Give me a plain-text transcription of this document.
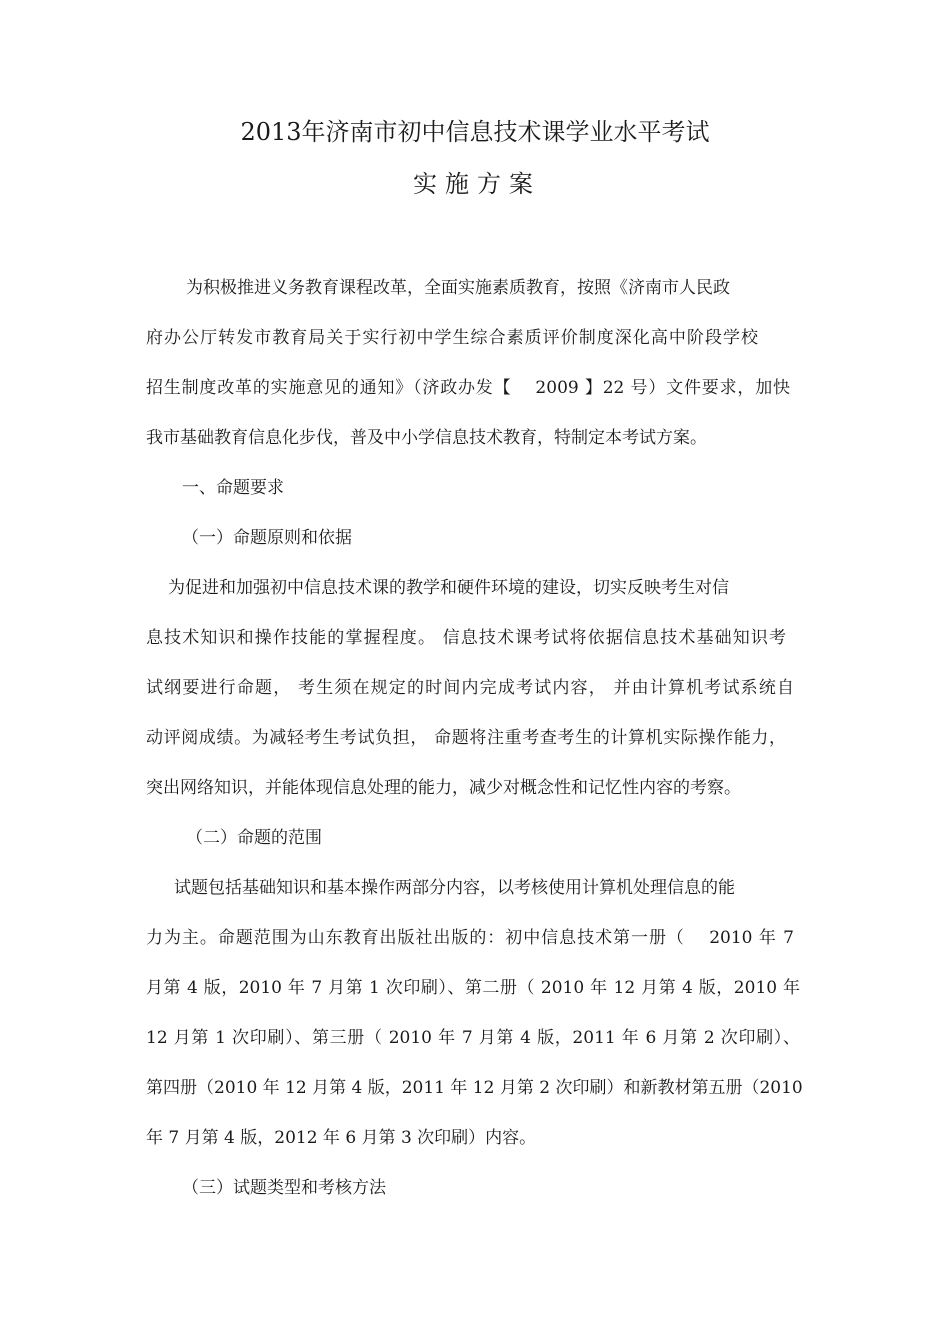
2013年济南市初中信息技术课学业水平考试
实施方案
为积极推进义务教育课程改革，全面实施素质教育，按照《济南市人民政
府办公厅转发市教育局关于实行初中学生综合素质评价制度深化高中阶段学校
招生制度改革的实施意见的通知》（济政办发【　 2009 】22 号）文件要求，加快
我市基础教育信息化步伐，普及中小学信息技术教育，特制定本考试方案。
一、命题要求
（一）命题原则和依据
为促进和加强初中信息技术课的教学和硬件环境的建设，切实反映考生对信
息技术知识和操作技能的掌握程度。 信息技术课考试将依据信息技术基础知识考
试纲要进行命题， 考生须在规定的时间内完成考试内容， 并由计算机考试系统自
动评阅成绩。为减轻考生考试负担， 命题将注重考查考生的计算机实际操作能力，
突出网络知识，并能体现信息处理的能力，减少对概念性和记忆性内容的考察。
（二）命题的范围
试题包括基础知识和基本操作两部分内容，以考核使用计算机处理信息的能
力为主。命题范围为山东教育出版社出版的：初中信息技术第一册（　 2010 年 7
月第 4 版，2010 年 7 月第 1 次印刷）、第二册（ 2010 年 12 月第 4 版，2010 年
12 月第 1 次印刷）、第三册（ 2010 年 7 月第 4 版，2011 年 6 月第 2 次印刷）、
第四册（2010 年 12 月第 4 版，2011 年 12 月第 2 次印刷）和新教材第五册（2010
年 7 月第 4 版，2012 年 6 月第 3 次印刷）内容。
（三）试题类型和考核方法
